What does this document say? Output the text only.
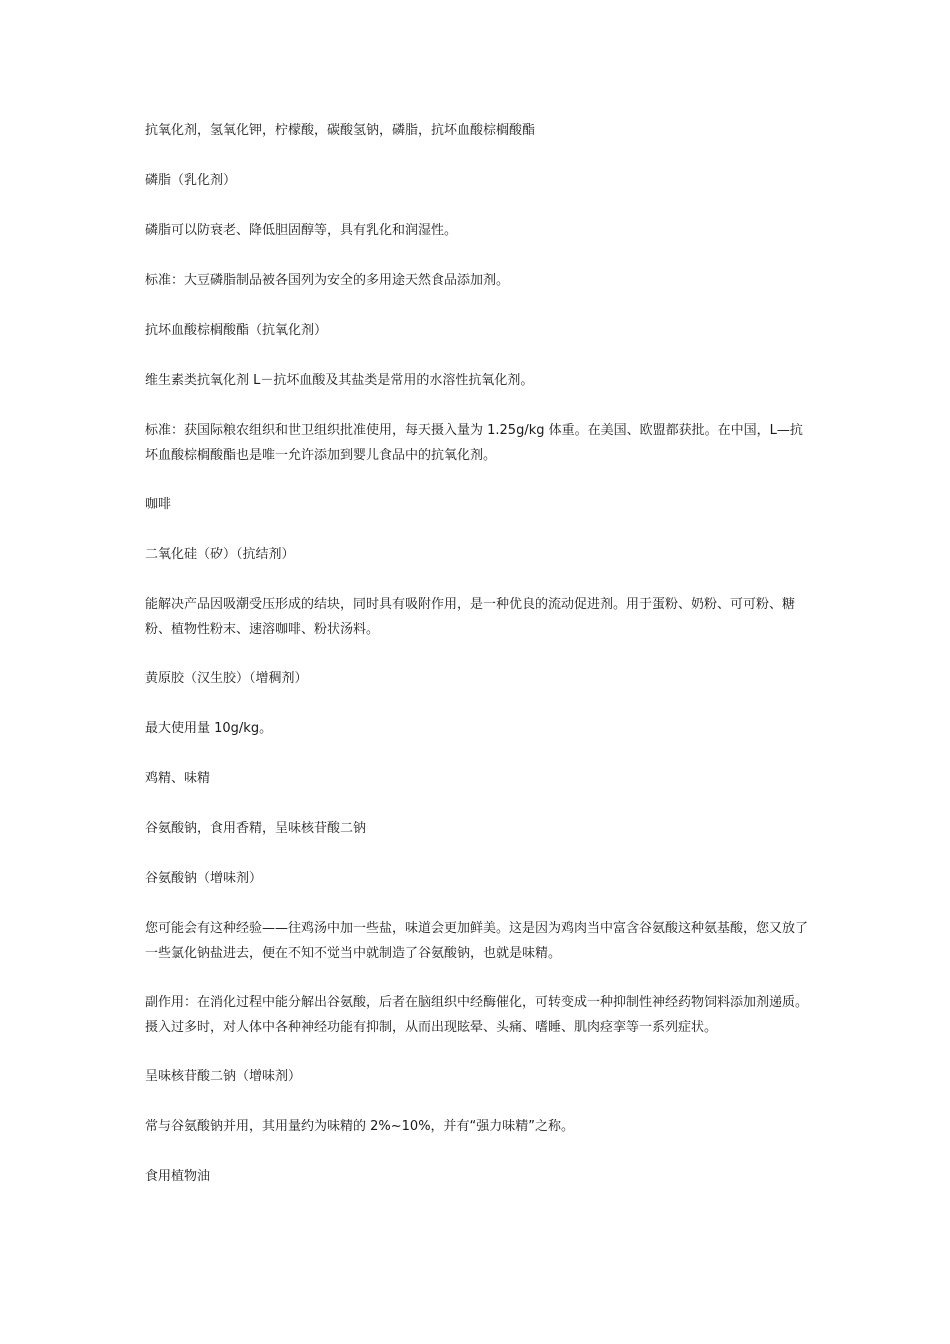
抗氧化剂，氢氧化钾，柠檬酸，碳酸氢钠，磷脂，抗坏血酸棕榈酸酯

磷脂（乳化剂）

磷脂可以防衰老、降低胆固醇等，具有乳化和润湿性。

标准：大豆磷脂制品被各国列为安全的多用途天然食品添加剂。

抗坏血酸棕榈酸酯（抗氧化剂）

维生素类抗氧化剂 L－抗坏血酸及其盐类是常用的水溶性抗氧化剂。

标准：获国际粮农组织和世卫组织批准使用，每天摄入量为 1.25g/kg 体重。在美国、欧盟都获批。在中国，L—抗坏血酸棕榈酸酯也是唯一允许添加到婴儿食品中的抗氧化剂。

咖啡

二氧化硅（矽）（抗结剂）

能解决产品因吸潮受压形成的结块，同时具有吸附作用，是一种优良的流动促进剂。用于蛋粉、奶粉、可可粉、糖粉、植物性粉末、速溶咖啡、粉状汤料。

黄原胶（汉生胶）（增稠剂）

最大使用量 10g/kg。

鸡精、味精

谷氨酸钠，食用香精，呈味核苷酸二钠

谷氨酸钠（增味剂）

您可能会有这种经验——往鸡汤中加一些盐，味道会更加鲜美。这是因为鸡肉当中富含谷氨酸这种氨基酸，您又放了一些氯化钠盐进去，便在不知不觉当中就制造了谷氨酸钠，也就是味精。

副作用：在消化过程中能分解出谷氨酸，后者在脑组织中经酶催化，可转变成一种抑制性神经药物饲料添加剂递质。摄入过多时，对人体中各种神经功能有抑制，从而出现眩晕、头痛、嗜睡、肌肉痉挛等一系列症状。

呈味核苷酸二钠（增味剂）

常与谷氨酸钠并用，其用量约为味精的 2%~10%，并有“强力味精”之称。

食用植物油
